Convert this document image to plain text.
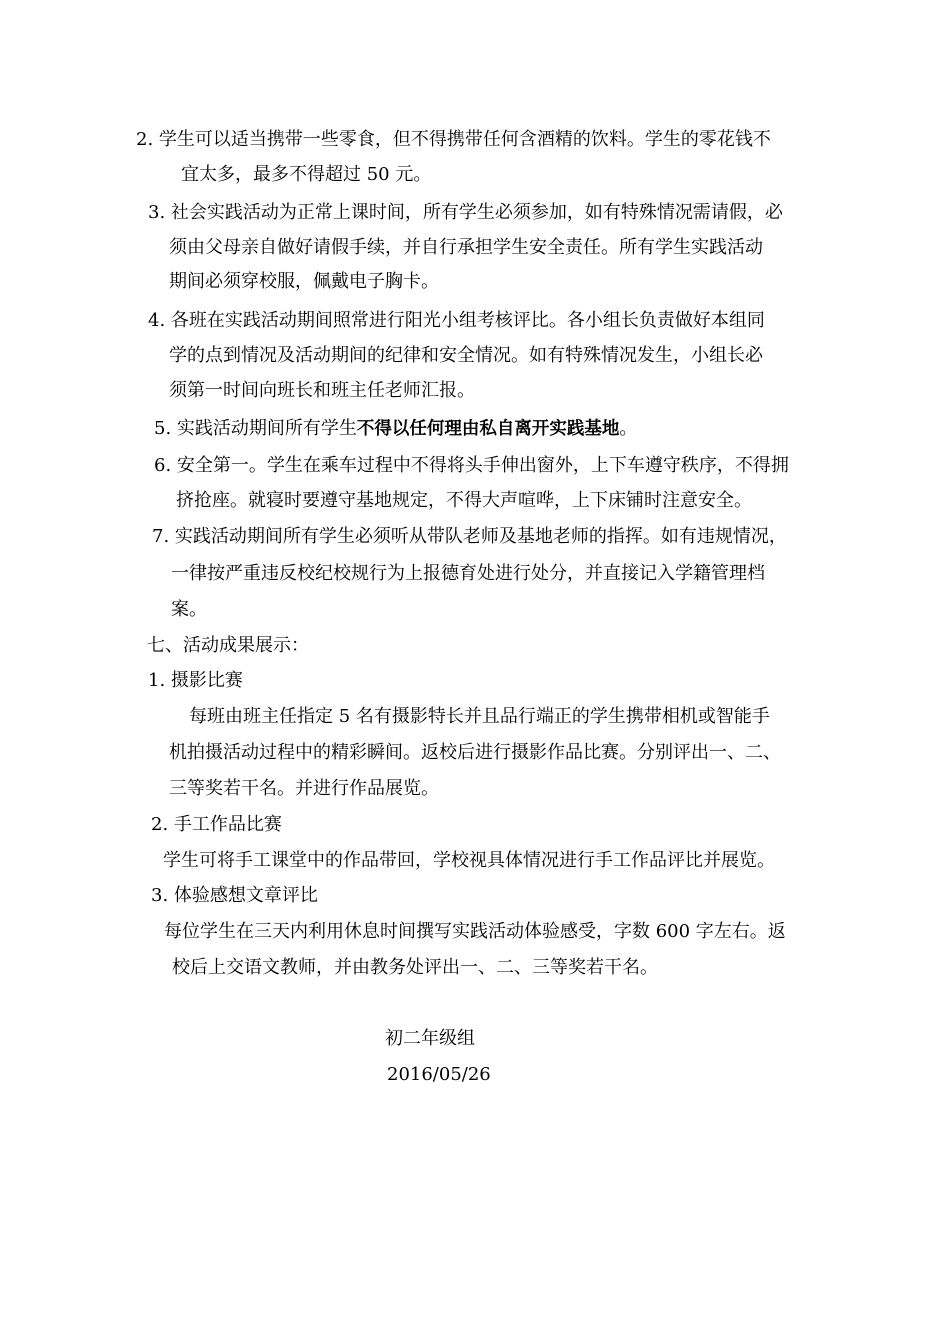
2. 学生可以适当携带一些零食，但不得携带任何含酒精的饮料。学生的零花钱不
宜太多，最多不得超过 50 元。
3. 社会实践活动为正常上课时间，所有学生必须参加，如有特殊情况需请假，必
须由父母亲自做好请假手续，并自行承担学生安全责任。所有学生实践活动
期间必须穿校服，佩戴电子胸卡。
4. 各班在实践活动期间照常进行阳光小组考核评比。各小组长负责做好本组同
学的点到情况及活动期间的纪律和安全情况。如有特殊情况发生，小组长必
须第一时间向班长和班主任老师汇报。
5. 实践活动期间所有学生不得以任何理由私自离开实践基地。
6. 安全第一。学生在乘车过程中不得将头手伸出窗外，上下车遵守秩序，不得拥
挤抢座。就寝时要遵守基地规定，不得大声喧哗，上下床铺时注意安全。
7. 实践活动期间所有学生必须听从带队老师及基地老师的指挥。如有违规情况，
一律按严重违反校纪校规行为上报德育处进行处分，并直接记入学籍管理档
案。
七、活动成果展示：
1. 摄影比赛
每班由班主任指定 5 名有摄影特长并且品行端正的学生携带相机或智能手
机拍摄活动过程中的精彩瞬间。返校后进行摄影作品比赛。分别评出一、二、
三等奖若干名。并进行作品展览。
2. 手工作品比赛
学生可将手工课堂中的作品带回，学校视具体情况进行手工作品评比并展览。
3. 体验感想文章评比
每位学生在三天内利用休息时间撰写实践活动体验感受，字数 600 字左右。返
校后上交语文教师，并由教务处评出一、二、三等奖若干名。
初二年级组
2016/05/26
